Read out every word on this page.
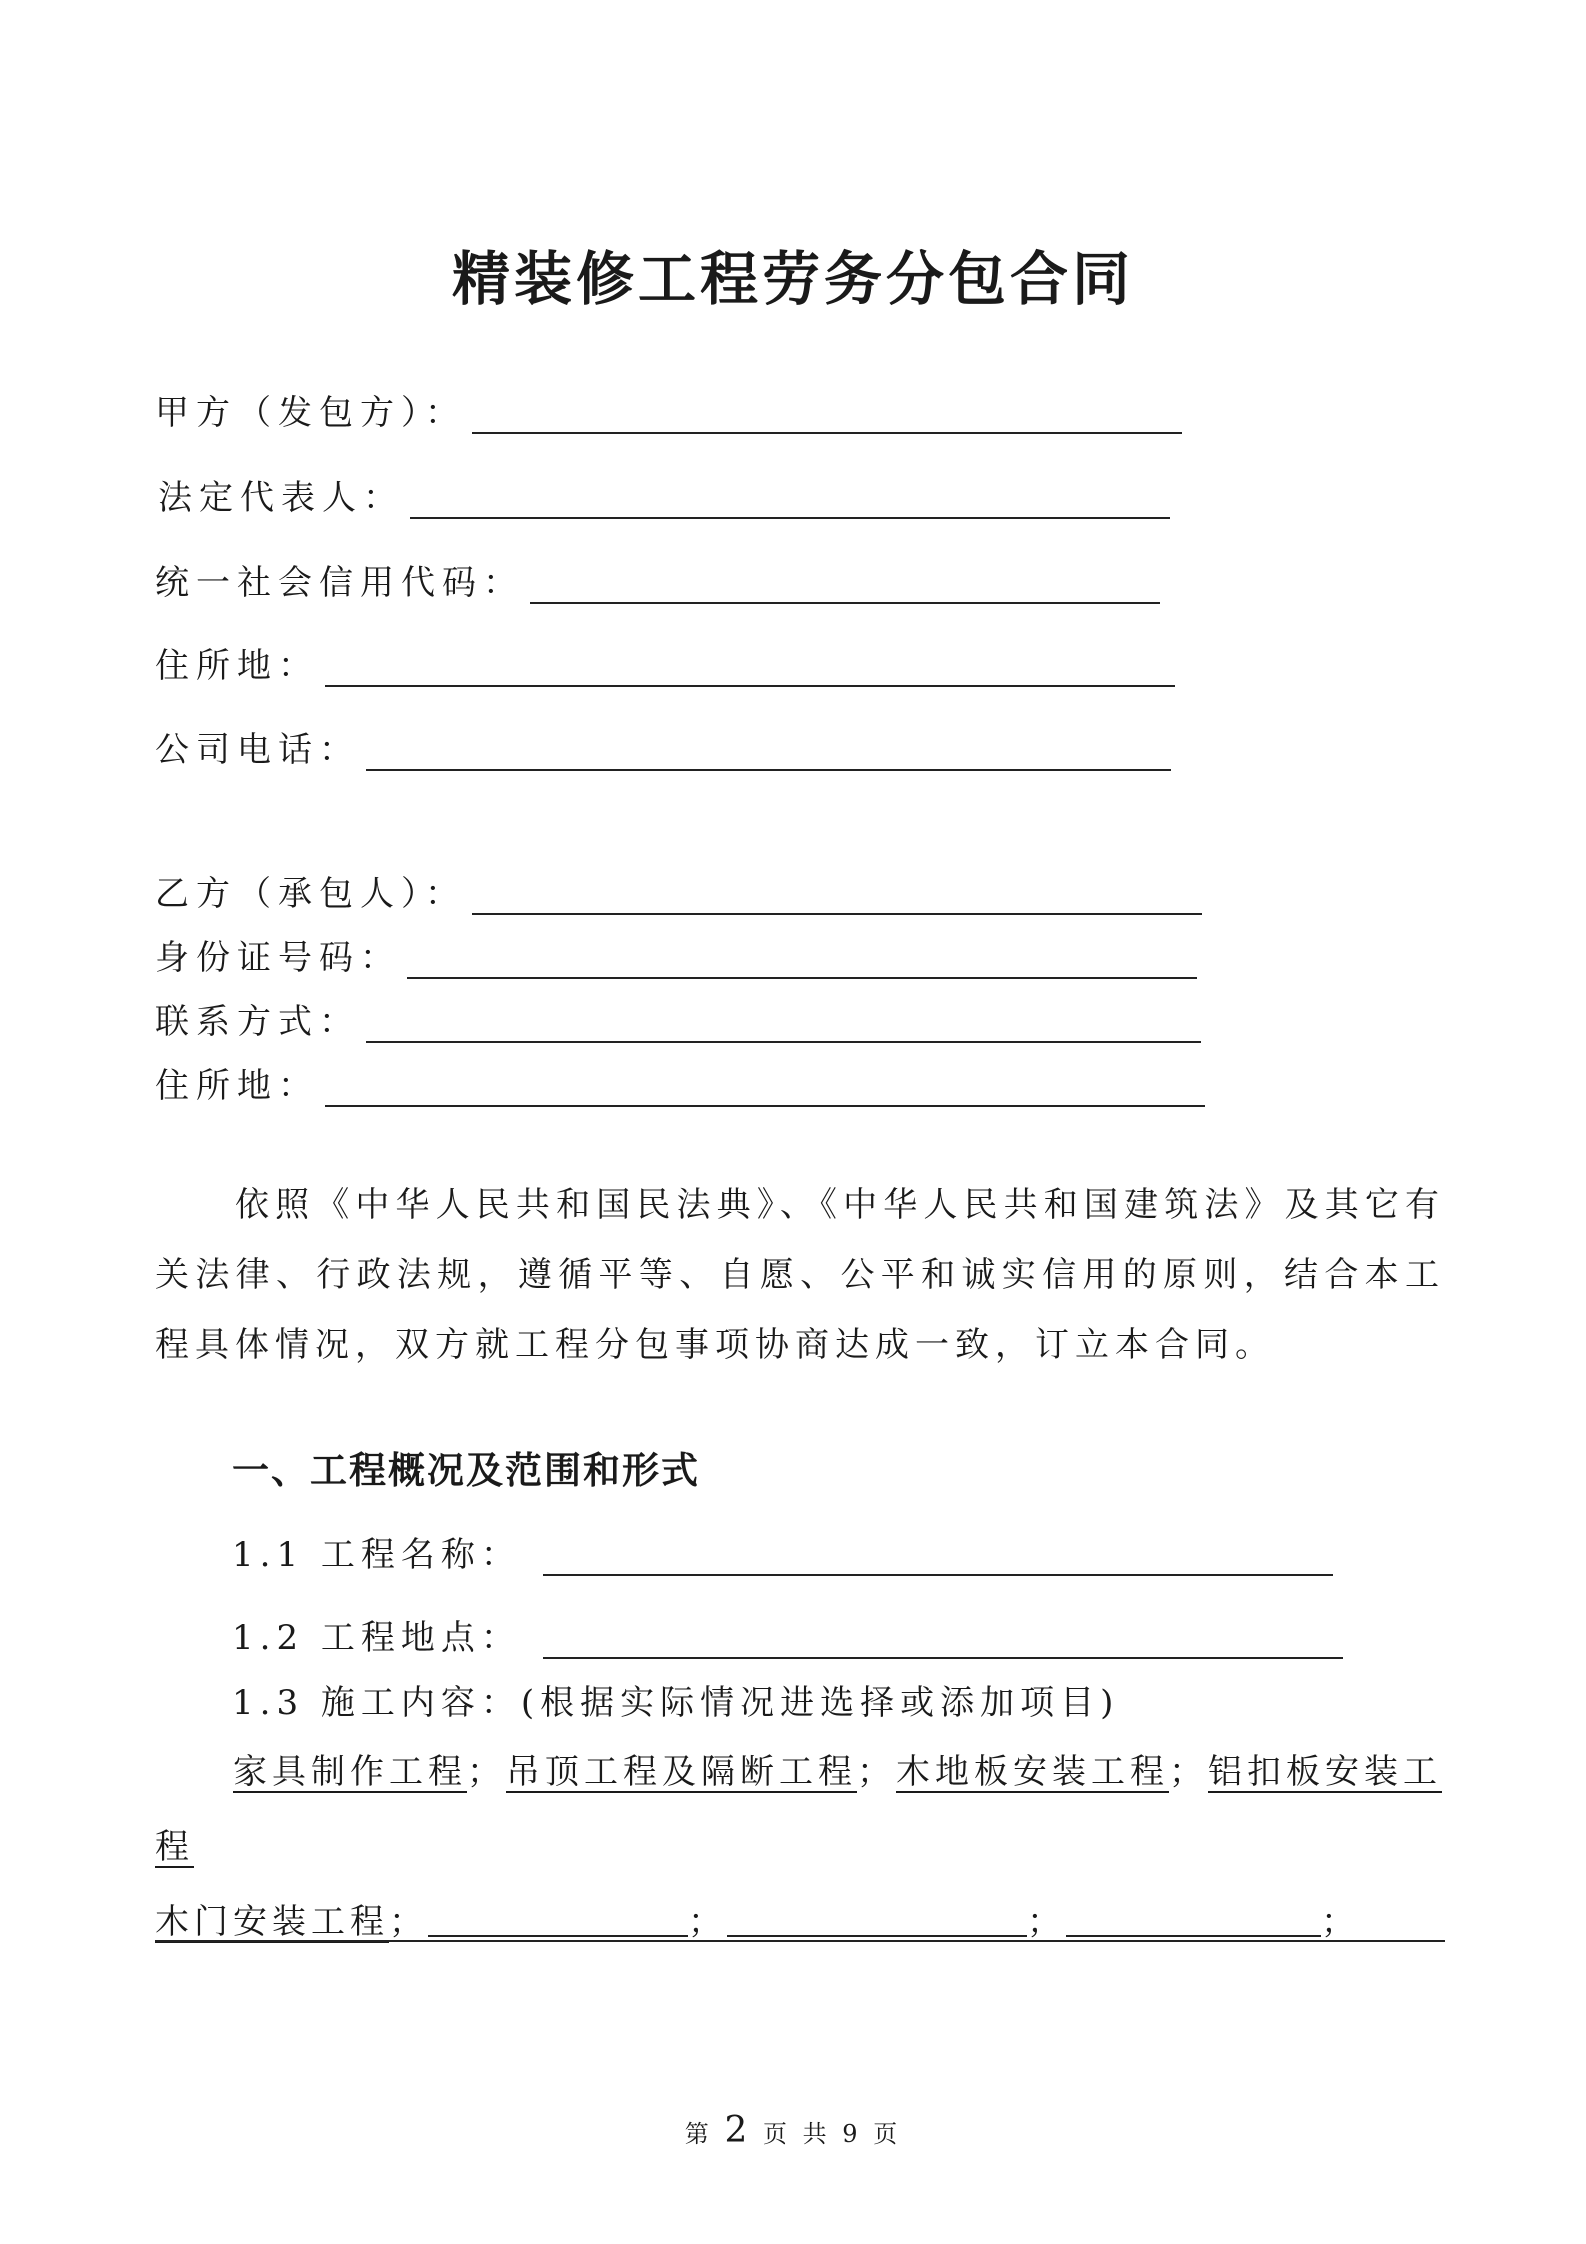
精装修工程劳务分包合同
甲方（发包方）：
法定代表人：
统一社会信用代码：
住所地：
公司电话：
乙方（承包人）：
身份证号码：
联系方式：
住所地：
依照《中华人民共和国民法典》、《中华人民共和国建筑法》及其它有关法律、行政法规，遵循平等、自愿、公平和诚实信用的原则，结合本工程具体情况，双方就工程分包事项协商达成一致，订立本合同。
一、工程概况及范围和形式
1.1 工程名称：
1.2 工程地点：
1.3 施工内容：(根据实际情况进选择或添加项目)
家具制作工程；吊顶工程及隔断工程；木地板安装工程；铝扣板安装工程
木门安装工程；	；	；	；
第 2 页 共 9 页
